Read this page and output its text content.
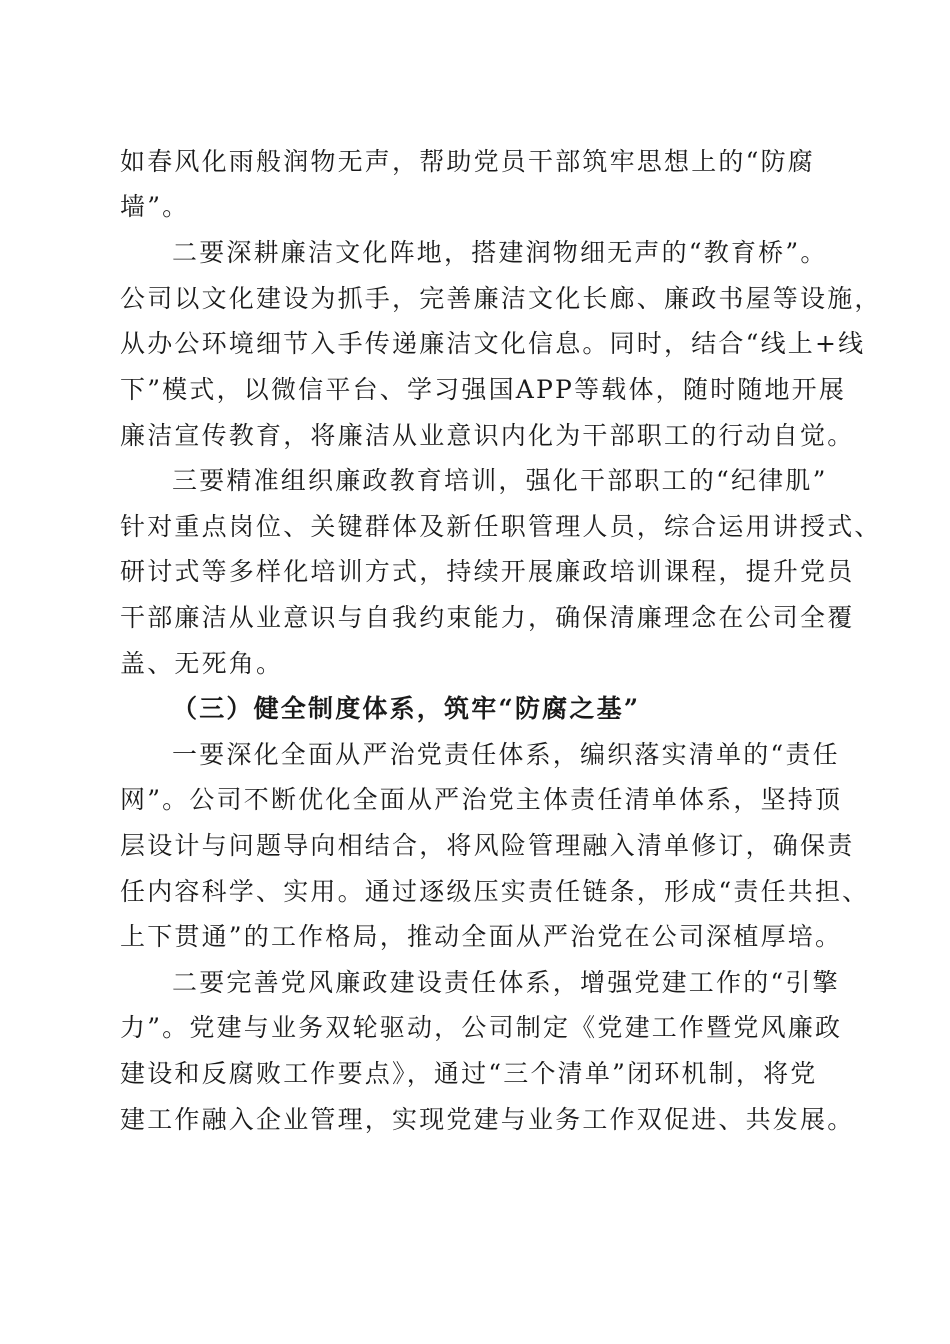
如春风化雨般润物无声，帮助党员干部筑牢思想上的“防腐
墙”。
二要深耕廉洁文化阵地，搭建润物细无声的“教育桥”。
公司以文化建设为抓手，完善廉洁文化长廊、廉政书屋等设施，
从办公环境细节入手传递廉洁文化信息。同时，结合“线上+线
下”模式，以微信平台、学习强国APP等载体，随时随地开展
廉洁宣传教育，将廉洁从业意识内化为干部职工的行动自觉。
三要精准组织廉政教育培训，强化干部职工的“纪律肌”
针对重点岗位、关键群体及新任职管理人员，综合运用讲授式、
研讨式等多样化培训方式，持续开展廉政培训课程，提升党员
干部廉洁从业意识与自我约束能力，确保清廉理念在公司全覆
盖、无死角。
（三）健全制度体系，筑牢“防腐之基”
一要深化全面从严治党责任体系，编织落实清单的“责任
网”。公司不断优化全面从严治党主体责任清单体系，坚持顶
层设计与问题导向相结合，将风险管理融入清单修订，确保责
任内容科学、实用。通过逐级压实责任链条，形成“责任共担、
上下贯通”的工作格局，推动全面从严治党在公司深植厚培。
二要完善党风廉政建设责任体系，增强党建工作的“引擎
力”。党建与业务双轮驱动，公司制定《党建工作暨党风廉政
建设和反腐败工作要点》，通过“三个清单”闭环机制，将党
建工作融入企业管理，实现党建与业务工作双促进、共发展。
